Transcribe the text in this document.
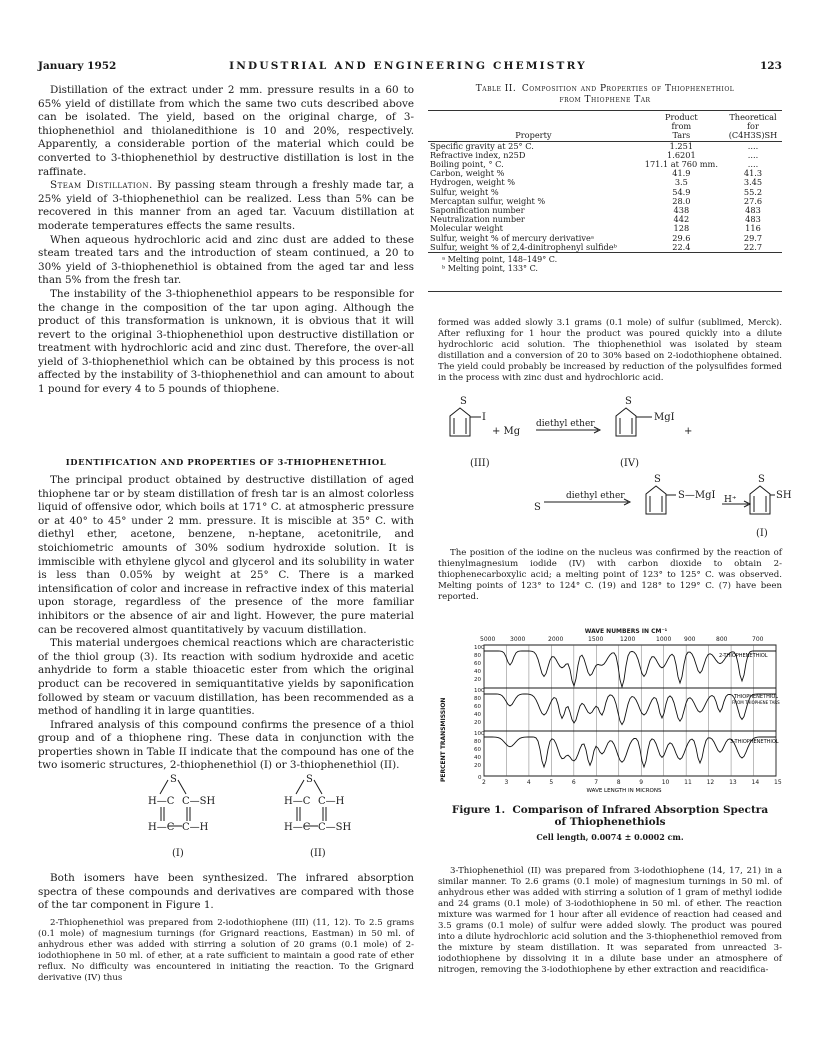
January 1952	INDUSTRIAL AND ENGINEERING CHEMISTRY	123

Distillation of the extract under 2 mm. pressure results in a 60 to 65% yield of distillate from which the same two cuts described above can be isolated. The yield, based on the original charge, of 3-thiophenethiol and thiolanedithione is 10 and 20%, respectively. Apparently, a considerable portion of the material which could be converted to 3-thiophenethiol by destructive distillation is lost in the raffinate.

Steam Distillation. By passing steam through a freshly made tar, a 25% yield of 3-thiophenethiol can be realized. Less than 5% can be recovered in this manner from an aged tar. Vacuum distillation at moderate temperatures effects the same results.

When aqueous hydrochloric acid and zinc dust are added to these steam treated tars and the introduction of steam continued, a 20 to 30% yield of 3-thiophenethiol is obtained from the aged tar and less than 5% from the fresh tar.

The instability of the 3-thiophenethiol appears to be responsible for the change in the composition of the tar upon aging. Although the product of this transformation is unknown, it is obvious that it will revert to the original 3-thiophenethiol upon destructive distillation or treatment with hydrochloric acid and zinc dust. Therefore, the over-all yield of 3-thiophenethiol which can be obtained by this process is not affected by the instability of 3-thiophenethiol and can amount to about 1 pound for every 4 to 5 pounds of thiophene.

IDENTIFICATION AND PROPERTIES OF 3-THIOPHENETHIOL

The principal product obtained by destructive distillation of aged thiophene tar or by steam distillation of fresh tar is an almost colorless liquid of offensive odor, which boils at 171° C. at atmospheric pressure or at 40° to 45° under 2 mm. pressure. It is miscible at 35° C. with diethyl ether, acetone, benzene, n-heptane, acetonitrile, and stoichiometric amounts of 30% sodium hydroxide solution. It is immiscible with ethylene glycol and glycerol and its solubility in water is less than 0.05% by weight at 25° C. There is a marked intensification of color and increase in refractive index of this material upon storage, regardless of the presence of the more familiar inhibitors or the absence of air and light. However, the pure material can be recovered almost quantitatively by vacuum distillation.

This material undergoes chemical reactions which are characteristic of the thiol group (3). Its reaction with sodium hydroxide and acetic anhydride to form a stable thioacetic ester from which the original product can be recovered in semiquantitative yields by saponification followed by steam or vacuum distillation, has been recommended as a method of handling it in large quantities.

Infrared analysis of this compound confirms the presence of a thiol group and of a thiophene ring. These data in conjunction with the properties shown in Table II indicate that the compound has one of the two isomeric structures, 2-thiophenethiol (I) or 3-thiophenethiol (II).

S
H—C C—SH
H—C C—H
(I)
S
H—C C—H
H—C C—SH
(II)

Both isomers have been synthesized. The infrared absorption spectra of these compounds and derivatives are compared with those of the tar component in Figure 1.

2-Thiophenethiol was prepared from 2-iodothiophene (III) (11, 12). To 2.5 grams (0.1 mole) of magnesium turnings (for Grignard reactions, Eastman) in 50 ml. of anhydrous ether was added with stirring a solution of 20 grams (0.1 mole) of 2-iodothiophene in 50 ml. of ether, at a rate sufficient to maintain a good rate of ether reflux. No difficulty was encountered in initiating the reaction. To the Grignard derivative (IV) thus

Table II. Composition and Properties of Thiophenethiol
from Thiophene Tar

Property	Product
from
Tars	Theoretical
for
(C4H3S)SH
Specific gravity at 25° C.	1.251	....
Refractive index, n25D	1.6201	....
Boiling point, ° C.	171.1 at 760 mm.	....
Carbon, weight %	41.9	41.3
Hydrogen, weight %	3.5	3.45
Sulfur, weight %	54.9	55.2
Mercaptan sulfur, weight %	28.0	27.6
Saponification number	438	483
Neutralization number	442	483
Molecular weight	128	116
Sulfur, weight % of mercury derivativeᵃ	29.6	29.7
Sulfur, weight % of 2,4-dinitrophenyl sulfideᵇ	22.4	22.7
ᵃ Melting point, 148–149° C.
ᵇ Melting point, 133° C.

formed was added slowly 3.1 grams (0.1 mole) of sulfur (sublimed, Merck). After refluxing for 1 hour the product was poured quickly into a dilute hydrochloric acid solution. The thiophenethiol was isolated by steam distillation and a conversion of 20 to 30% based on 2-iodothiophene obtained. The yield could probably be increased by reduction of the polysulfides formed in the process with zinc dust and hydrochloric acid.

S
I
+ Mg
diethyl ether
S
MgI
+
(III)	(IV)
S
diethyl ether
S
S—MgI H⁺
S
SH
(I)

The position of the iodine on the nucleus was confirmed by the reaction of thienylmagnesium iodide (IV) with carbon dioxide to obtain 2-thiophenecarboxylic acid; a melting point of 123° to 125° C. was observed. Melting points of 123° to 124° C. (19) and 128° to 129° C. (7) have been reported.

WAVE NUMBERS IN CM⁻¹
5000 3000	2000	1500	1200	1000 900	800	700
100
80
60
40
20
100
80
60
40
20
100
80
60
40
20
0
2	3	4	5	6	7	8	9	10 11 12 13 14 15
2-THIOPHENETHIOL
THIOPHENETHIOL
FROM THIOPHENE TARS
3-THIOPHENETHIOL
WAVE LENGTH IN MICRONS
PERCENT TRANSMISSION
Figure 1. Comparison of Infrared Absorption Spectra
of Thiophenethiols
Cell length, 0.0074 ± 0.0002 cm.

3-Thiophenethiol (II) was prepared from 3-iodothiophene (14, 17, 21) in a similar manner. To 2.6 grams (0.1 mole) of magnesium turnings in 50 ml. of anhydrous ether was added with stirring a solution of 1 gram of methyl iodide and 24 grams (0.1 mole) of 3-iodothiophene in 50 ml. of ether. The reaction mixture was warmed for 1 hour after all evidence of reaction had ceased and 3.5 grams (0.1 mole) of sulfur were added slowly. The product was poured into a dilute hydrochloric acid solution and the 3-thiophenethiol removed from the mixture by steam distillation. It was separated from unreacted 3-iodothiophene by dissolving it in a dilute base under an atmosphere of nitrogen, removing the 3-iodothiophene by ether extraction and reacidifica-
